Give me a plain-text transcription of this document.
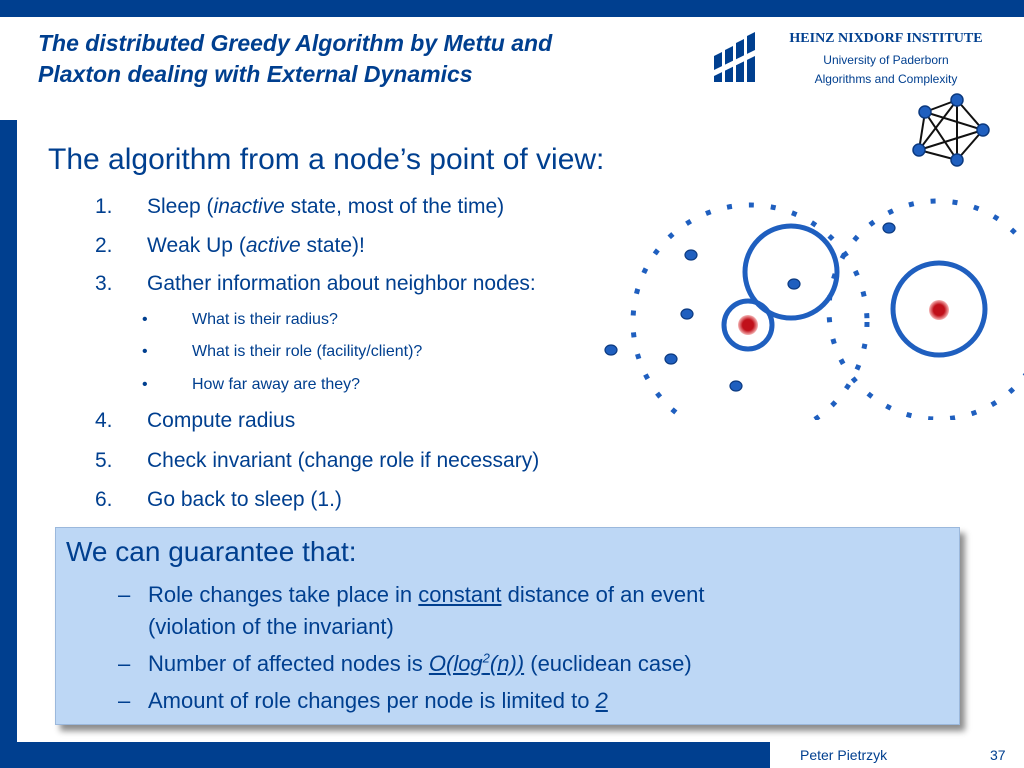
The distributed Greedy Algorithm by Mettu and
Plaxton dealing with External Dynamics
HEINZ NIXDORF INSTITUTE
University of Paderborn
Algorithms and Complexity
The algorithm from a node’s point of view:
1. Sleep (inactive state, most of the time)
2. Weak Up (active state)!
3. Gather information about neighbor nodes:
•	What is their radius?
•	What is their role (facility/client)?
•	How far away are they?
4. Compute radius
5. Check invariant (change role if necessary)
6. Go back to sleep (1.)
We can guarantee that:
– Role changes take place in constant distance of an event
(violation of the invariant)
– Number of affected nodes is $O(\log^2(n))$ (euclidean case)
– Amount of role changes per node is limited to 2
Peter Pietrzyk	37
